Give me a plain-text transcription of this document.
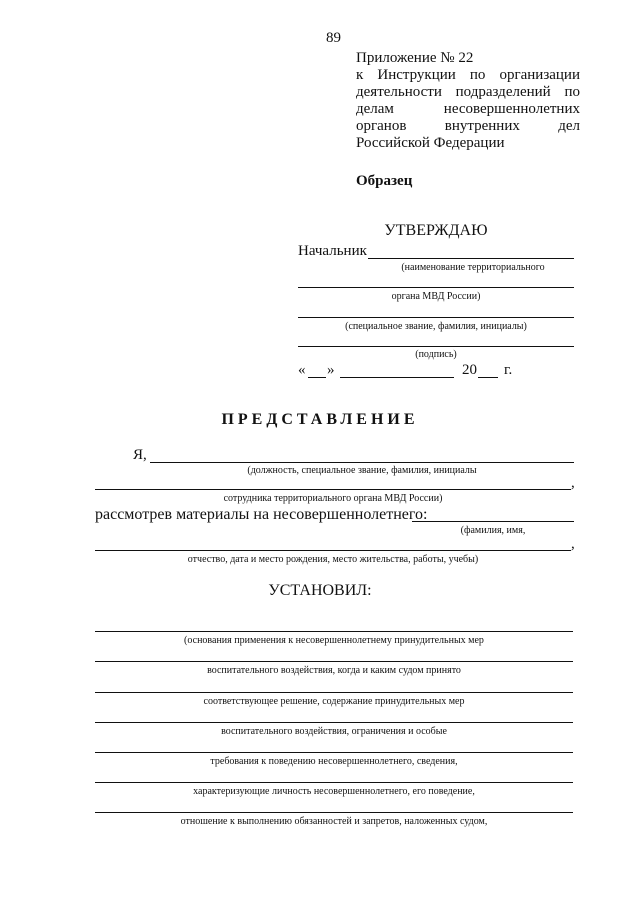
89
Приложение № 22
к Инструкции по организации
деятельности подразделений по
делам несовершеннолетних
органов внутренних дел
Российской Федерации
Образец
УТВЕРЖДАЮ
Начальник
(наименование территориального
органа МВД России)
(специальное звание, фамилия, инициалы)
(подпись)
« »	20 г.
ПРЕДСТАВЛЕНИЕ
Я,
(должность, специальное звание, фамилия, инициалы
,
сотрудника территориального органа МВД России)
рассмотрев материалы на несовершеннолетнего:
(фамилия, имя,
,
отчество, дата и место рождения, место жительства, работы, учебы)
УСТАНОВИЛ:
(основания применения к несовершеннолетнему принудительных мер
воспитательного воздействия, когда и каким судом принято
соответствующее решение, содержание принудительных мер
воспитательного воздействия, ограничения и особые
требования к поведению несовершеннолетнего, сведения,
характеризующие личность несовершеннолетнего, его поведение,
отношение к выполнению обязанностей и запретов, наложенных судом,
